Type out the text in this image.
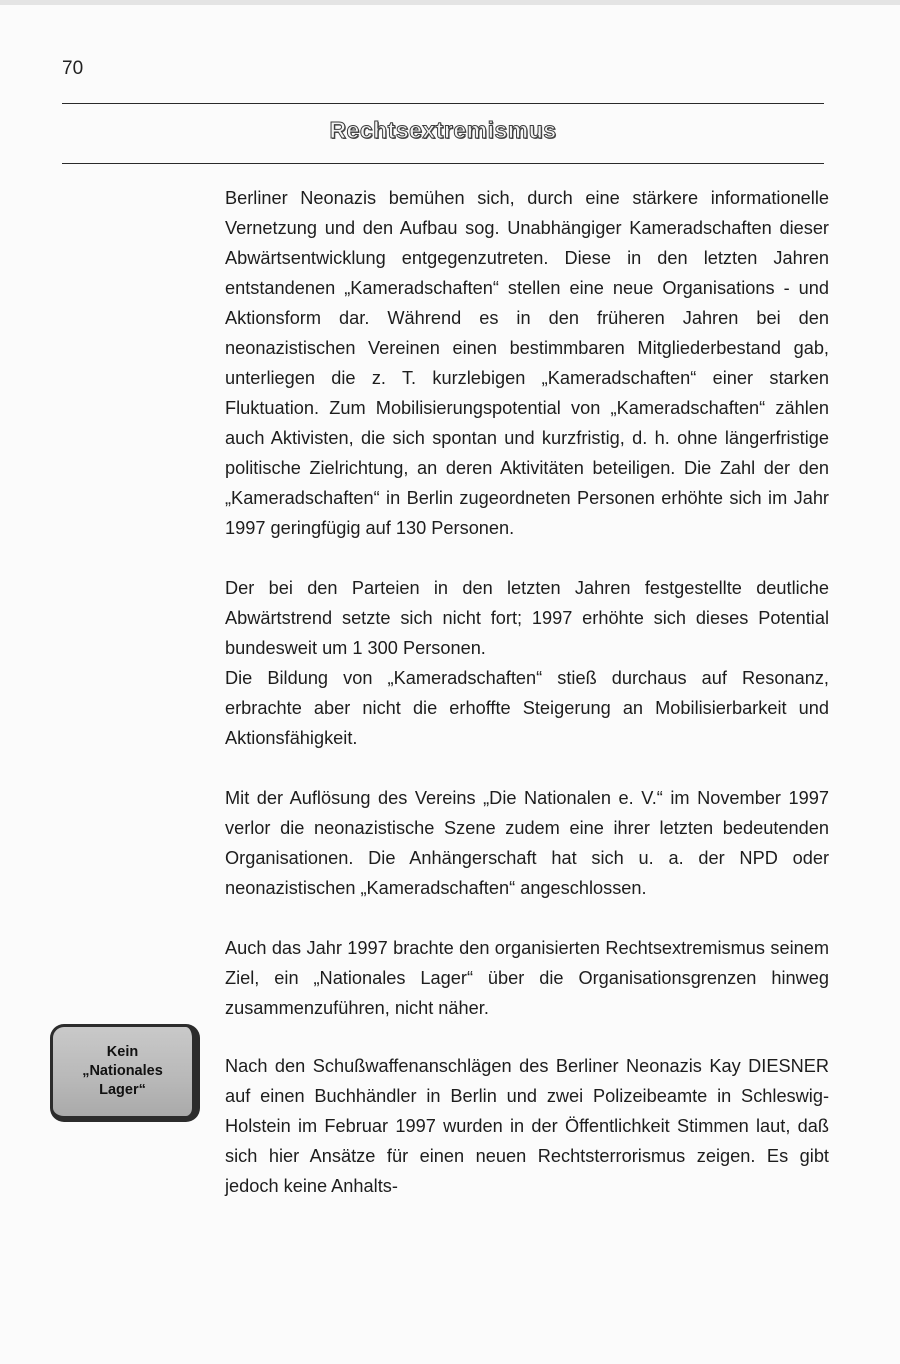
70
Rechtsextremismus

Berliner Neonazis bemühen sich, durch eine stärkere informationelle Vernetzung und den Aufbau sog. Unabhängiger Kameradschaften dieser Abwärtsentwicklung entgegenzutreten. Diese in den letzten Jahren entstandenen „Kameradschaften“ stellen eine neue Organisations - und Aktionsform dar. Während es in den früheren Jahren bei den neonazistischen Vereinen einen bestimmbaren Mitgliederbestand gab, unterliegen die z. T. kurzlebigen „Kameradschaften“ einer starken Fluktuation. Zum Mobilisierungspotential von „Kameradschaften“ zählen auch Aktivisten, die sich spontan und kurzfristig, d. h. ohne längerfristige politische Zielrichtung, an deren Aktivitäten beteiligen. Die Zahl der den „Kameradschaften“ in Berlin zugeordneten Personen erhöhte sich im Jahr 1997 geringfügig auf 130 Personen.

Der bei den Parteien in den letzten Jahren festgestellte deutliche Abwärtstrend setzte sich nicht fort; 1997 erhöhte sich dieses Potential bundesweit um 1 300 Personen.

Die Bildung von „Kameradschaften“ stieß durchaus auf Resonanz, erbrachte aber nicht die erhoffte Steigerung an Mobilisierbarkeit und Aktionsfähigkeit.

Mit der Auflösung des Vereins „Die Nationalen e. V.“ im November 1997 verlor die neonazistische Szene zudem eine ihrer letzten bedeutenden Organisationen. Die Anhängerschaft hat sich u. a. der NPD oder neonazistischen „Kameradschaften“ angeschlossen.

Auch das Jahr 1997 brachte den organisierten Rechtsextremismus seinem Ziel, ein „Nationales Lager“ über die Organisationsgrenzen hinweg zusammenzuführen, nicht näher.

Nach den Schußwaffenanschlägen des Berliner Neonazis Kay DIESNER auf einen Buchhändler in Berlin und zwei Polizeibeamte in Schleswig-Holstein im Februar 1997 wurden in der Öffentlichkeit Stimmen laut, daß sich hier Ansätze für einen neuen Rechtsterrorismus zeigen. Es gibt jedoch keine Anhalts-

Kein
„Nationales
Lager“
